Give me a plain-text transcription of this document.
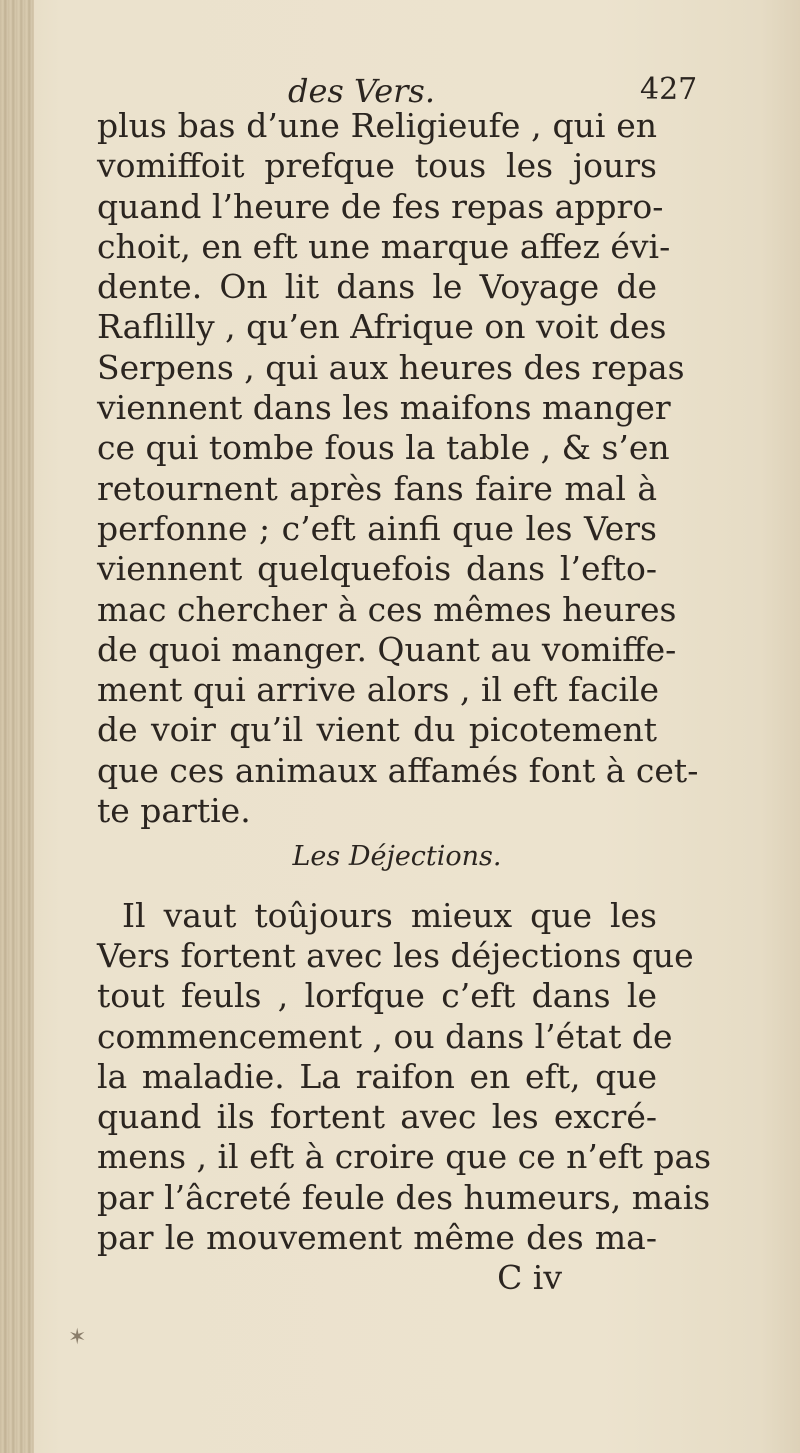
des Vers.	427
plus bas d’une Religieufe , qui en
vomiffoit prefque tous les jours
quand l’heure de fes repas appro-
choit, en eft une marque affez évi-
dente. On lit dans le Voyage de
Raflilly , qu’en Afrique on voit des
Serpens , qui aux heures des repas
viennent dans les maifons manger
ce qui tombe fous la table , & s’en
retournent après fans faire mal à
perfonne ; c’eft ainfi que les Vers
viennent quelquefois dans l’efto-
mac chercher à ces mêmes heures
de quoi manger. Quant au vomiffe-
ment qui arrive alors , il eft facile
de voir qu’il vient du picotement
que ces animaux affamés font à cet-
te partie.
Les Déjections.
Il vaut toûjours mieux que les
Vers fortent avec les déjections que
tout feuls , lorfque c’eft dans le
commencement , ou dans l’état de
la maladie. La raifon en eft, que
quand ils fortent avec les excré-
mens , il eft à croire que ce n’eft pas
par l’âcreté feule des humeurs, mais
par le mouvement même des ma-
C iv
✶
